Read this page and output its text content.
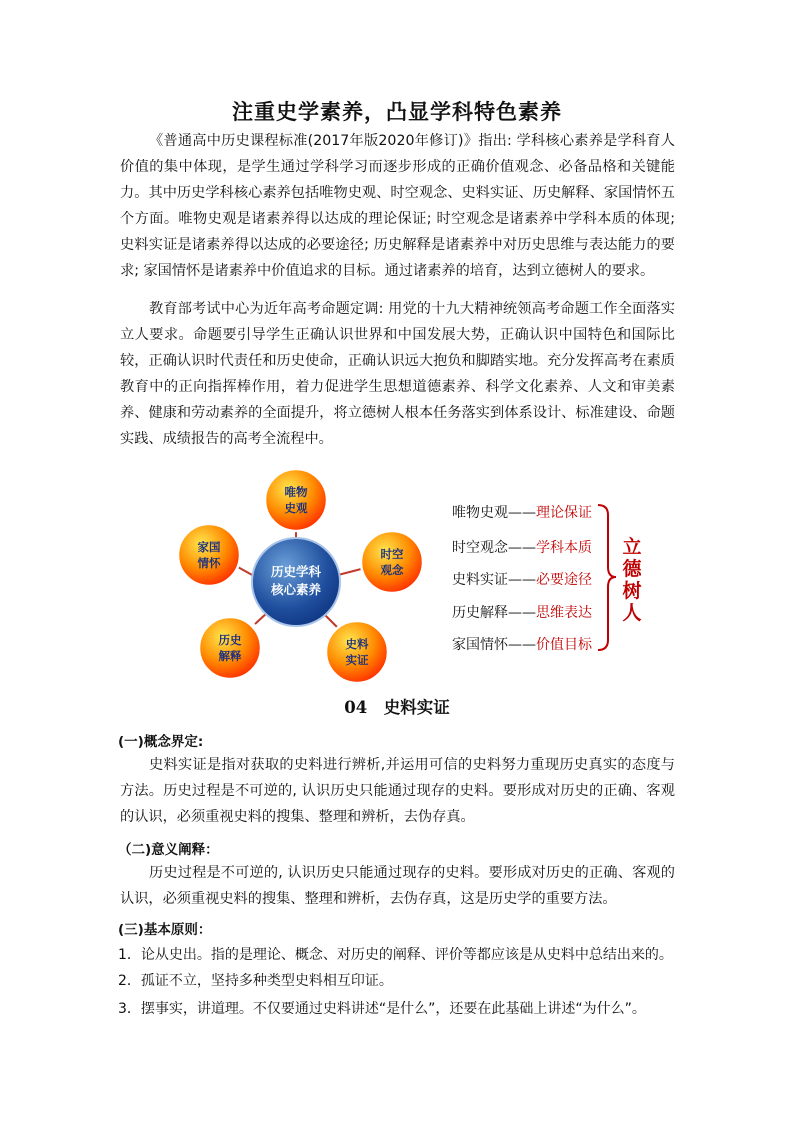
注重史学素养，凸显学科特色素养

《普通高中历史课程标准(2017年版2020年修订)》指出: 学科核心素养是学科育人价值的集中体现，是学生通过学科学习而逐步形成的正确价值观念、必备品格和关键能力。其中历史学科核心素养包括唯物史观、时空观念、史料实证、历史解释、家国情怀五个方面。唯物史观是诸素养得以达成的理论保证; 时空观念是诸素养中学科本质的体现; 史料实证是诸素养得以达成的必要途径; 历史解释是诸素养中对历史思维与表达能力的要求; 家国情怀是诸素养中价值追求的目标。通过诸素养的培育，达到立德树人的要求。

教育部考试中心为近年高考命题定调: 用党的十九大精神统领高考命题工作全面落实立人要求。命题要引导学生正确认识世界和中国发展大势，正确认识中国特色和国际比较，正确认识时代责任和历史使命，正确认识远大抱负和脚踏实地。充分发挥高考在素质教育中的正向指挥棒作用，着力促进学生思想道德素养、科学文化素养、人文和审美素养、健康和劳动素养的全面提升，将立德树人根本任务落实到体系设计、标准建设、命题实践、成绩报告的高考全流程中。

历史学科
核心素养
唯物
史观
时空
观念
史料
实证
历史
解释
家国
情怀
唯物史观——理论保证
时空观念——学科本质
史料实证——必要途径
历史解释——思维表达
家国情怀——价值目标
立
德
树
人
04　史料实证
(一)概念界定:

史料实证是指对获取的史料进行辨析,并运用可信的史料努力重现历史真实的态度与方法。历史过程是不可逆的, 认识历史只能通过现存的史料。要形成对历史的正确、客观的认识，必须重视史料的搜集、整理和辨析，去伪存真。

（二)意义阐释：

历史过程是不可逆的, 认识历史只能通过现存的史料。要形成对历史的正确、客观的认识，必须重视史料的搜集、整理和辨析，去伪存真，这是历史学的重要方法。

(三)基本原则：
1．论从史出。指的是理论、概念、对历史的阐释、评价等都应该是从史料中总结出来的。
2．孤证不立，坚持多种类型史料相互印证。
3．摆事实，讲道理。不仅要通过史料讲述“是什么”，还要在此基础上讲述“为什么”。
